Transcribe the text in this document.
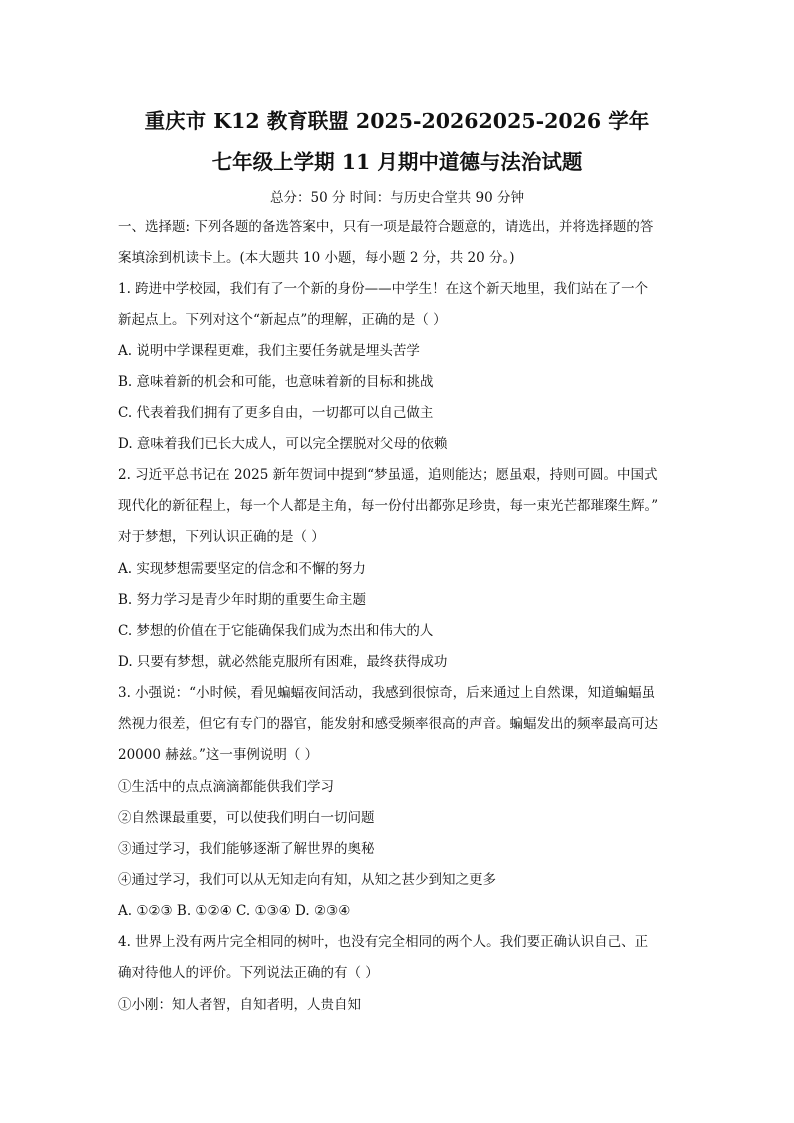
重庆市 K12 教育联盟 2025-20262025-2026 学年
七年级上学期 11 月期中道德与法治试题
总分：50 分 时间：与历史合堂共 90 分钟
一、选择题: 下列各题的备选答案中，只有一项是最符合题意的，请选出，并将选择题的答
案填涂到机读卡上。(本大题共 10 小题，每小题 2 分，共 20 分。)
1. 跨进中学校园，我们有了一个新的身份——中学生！在这个新天地里，我们站在了一个
新起点上。下列对这个“新起点”的理解，正确的是（ ）
A. 说明中学课程更难，我们主要任务就是埋头苦学
B. 意味着新的机会和可能，也意味着新的目标和挑战
C. 代表着我们拥有了更多自由，一切都可以自己做主
D. 意味着我们已长大成人，可以完全摆脱对父母的依赖
2. 习近平总书记在 2025 新年贺词中提到“梦虽遥，追则能达；愿虽艰，持则可圆。中国式
现代化的新征程上，每一个人都是主角，每一份付出都弥足珍贵，每一束光芒都璀璨生辉。”
对于梦想，下列认识正确的是（ ）
A. 实现梦想需要坚定的信念和不懈的努力
B. 努力学习是青少年时期的重要生命主题
C. 梦想的价值在于它能确保我们成为杰出和伟大的人
D. 只要有梦想，就必然能克服所有困难，最终获得成功
3. 小强说：“小时候，看见蝙蝠夜间活动，我感到很惊奇，后来通过上自然课，知道蝙蝠虽
然视力很差，但它有专门的器官，能发射和感受频率很高的声音。蝙蝠发出的频率最高可达
20000 赫兹。”这一事例说明（ ）
①生活中的点点滴滴都能供我们学习
②自然课最重要，可以使我们明白一切问题
③通过学习，我们能够逐渐了解世界的奥秘
④通过学习，我们可以从无知走向有知，从知之甚少到知之更多
A. ①②③ B. ①②④ C. ①③④ D. ②③④
4. 世界上没有两片完全相同的树叶，也没有完全相同的两个人。我们要正确认识自己、正
确对待他人的评价。下列说法正确的有（ ）
①小刚：知人者智，自知者明，人贵自知
